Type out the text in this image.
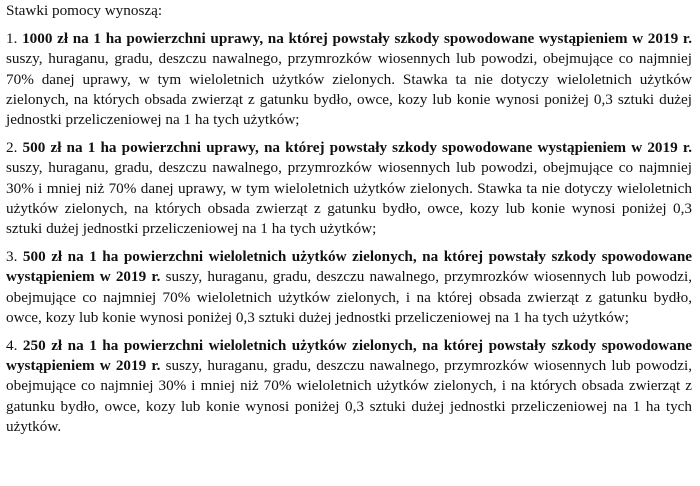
Stawki pomocy wynoszą:

1. 1000 zł na 1 ha powierzchni uprawy, na której powstały szkody spowodowane wystąpieniem w 2019 r. suszy, huraganu, gradu, deszczu nawalnego, przymrozków wiosennych lub powodzi, obejmujące co najmniej 70% danej uprawy, w tym wieloletnich użytków zielonych. Stawka ta nie dotyczy wieloletnich użytków zielonych, na których obsada zwierząt z gatunku bydło, owce, kozy lub konie wynosi poniżej 0,3 sztuki dużej jednostki przeliczeniowej na 1 ha tych użytków;

2. 500 zł na 1 ha powierzchni uprawy, na której powstały szkody spowodowane wystąpieniem w 2019 r. suszy, huraganu, gradu, deszczu nawalnego, przymrozków wiosennych lub powodzi, obejmujące co najmniej 30% i mniej niż 70% danej uprawy, w tym wieloletnich użytków zielonych. Stawka ta nie dotyczy wieloletnich użytków zielonych, na których obsada zwierząt z gatunku bydło, owce, kozy lub konie wynosi poniżej 0,3 sztuki dużej jednostki przeliczeniowej na 1 ha tych użytków;

3. 500 zł na 1 ha powierzchni wieloletnich użytków zielonych, na której powstały szkody spowodowane wystąpieniem w 2019 r. suszy, huraganu, gradu, deszczu nawalnego, przymrozków wiosennych lub powodzi, obejmujące co najmniej 70% wieloletnich użytków zielonych, i na której obsada zwierząt z gatunku bydło, owce, kozy lub konie wynosi poniżej 0,3 sztuki dużej jednostki przeliczeniowej na 1 ha tych użytków;

4. 250 zł na 1 ha powierzchni wieloletnich użytków zielonych, na której powstały szkody spowodowane wystąpieniem w 2019 r. suszy, huraganu, gradu, deszczu nawalnego, przymrozków wiosennych lub powodzi, obejmujące co najmniej 30% i mniej niż 70% wieloletnich użytków zielonych, i na których obsada zwierząt z gatunku bydło, owce, kozy lub konie wynosi poniżej 0,3 sztuki dużej jednostki przeliczeniowej na 1 ha tych użytków.
